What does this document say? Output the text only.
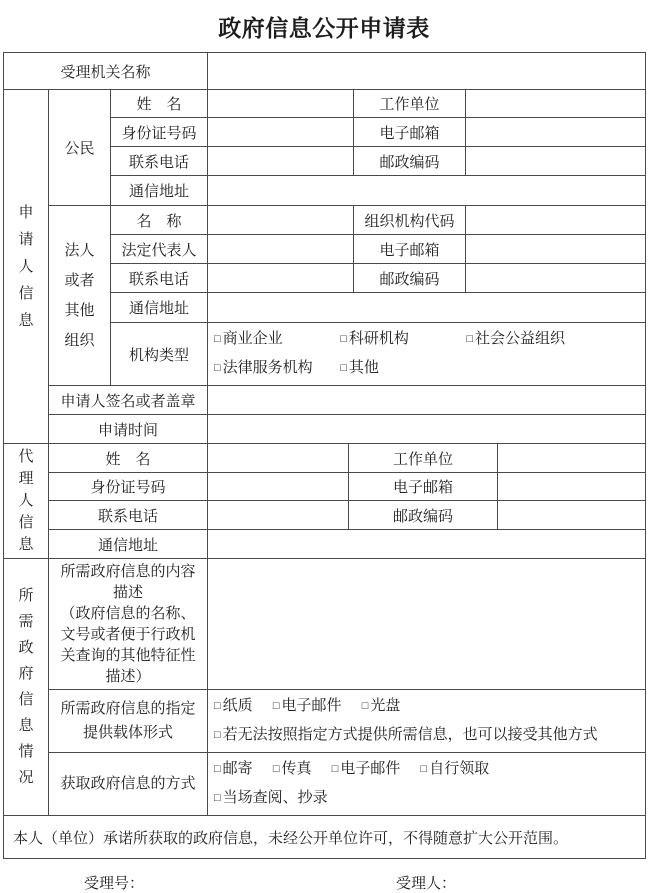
政府信息公开申请表
受理机关名称					

申请人信息	公民	姓　名		工作单位	
		身份证号码		电子邮箱	
		联系电话		邮政编码	
		通信地址			

	法人或者其他组织	名　称		组织机构代码	
		法定代表人		电子邮箱	
		联系电话		邮政编码	
		通信地址			
		机构类型	□ 商业企业 □ 科研机构 □ 社会公益组织
□ 法律服务机构 □ 其他		

	申请人签名或者盖章				
	申请时间				
代理人信息	姓　名		工作单位	
	身份证号码		电子邮箱	
	联系电话		邮政编码	
	通信地址			
所需政府信息情况	所需政府信息的内容描述
（政府信息的名称、文号或者便于行政机关查询的其他特征性描述）	

	所需政府信息的指定提供载体形式	□ 纸质 □ 电子邮件 □ 光盘
□ 若无法按照指定方式提供所需信息，也可以接受其他方式

	获取政府信息的方式	□ 邮寄 □ 传真 □ 电子邮件 □ 自行领取
□ 当场查阅、抄录
本人（单位）承诺所获取的政府信息，未经公开单位许可，不得随意扩大公开范围。
受理号：	受理人：
